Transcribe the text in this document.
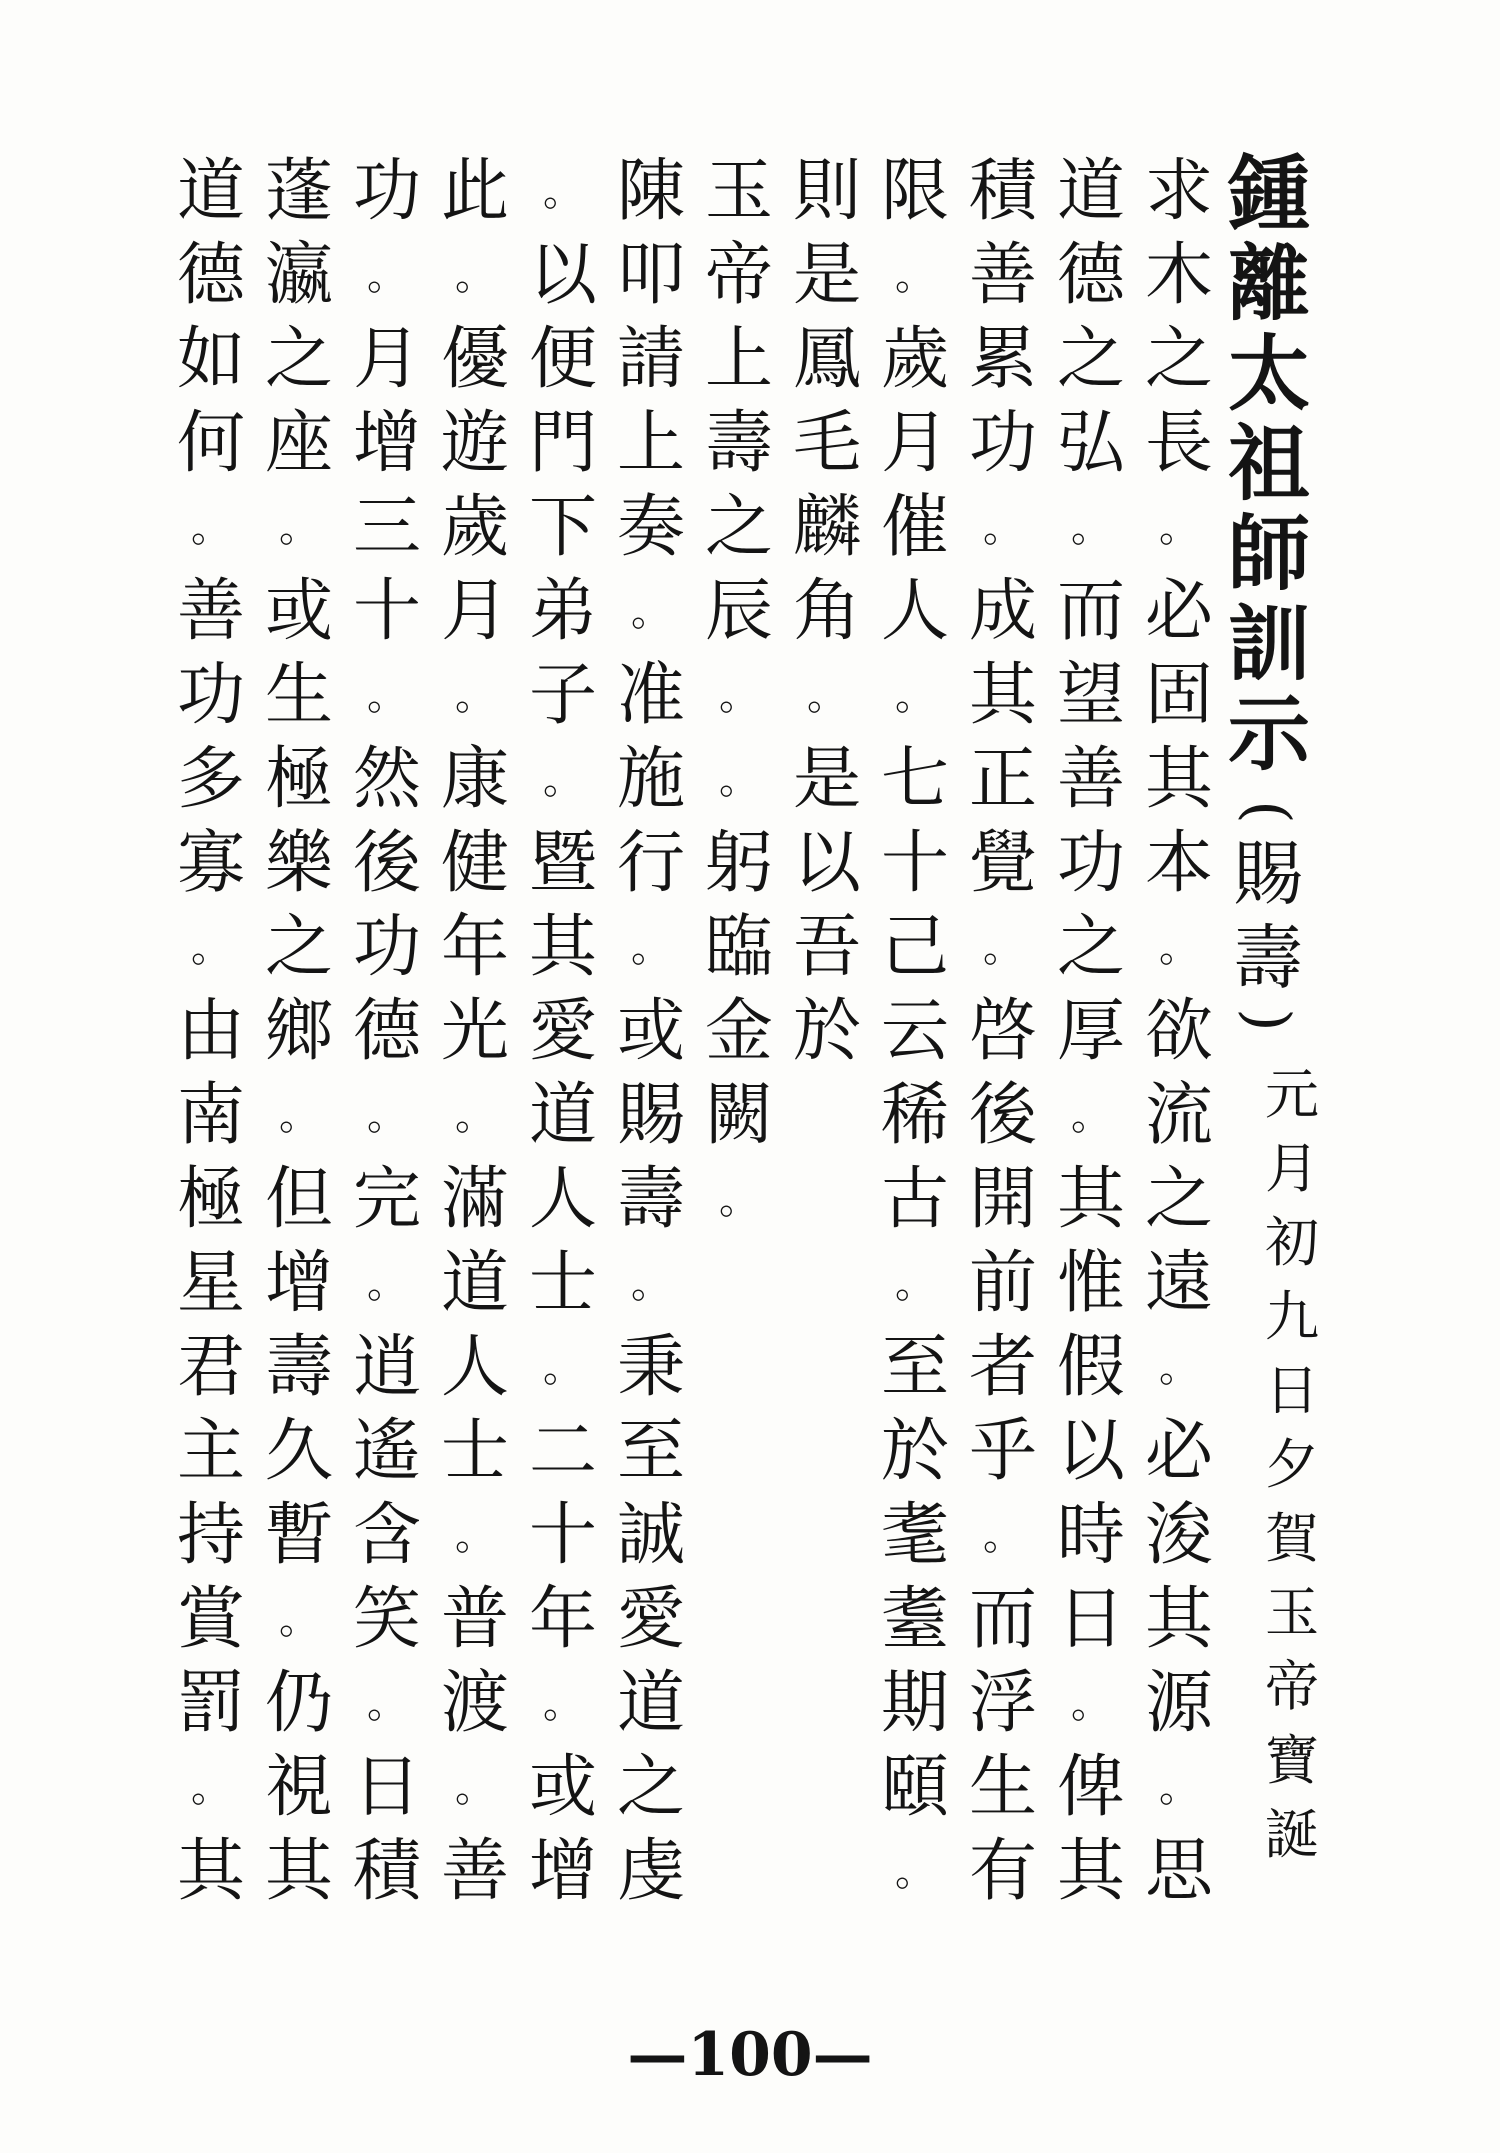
鍾
離
太
祖
師
訓
示
(
賜
壽
)
元
月
初
九
日
夕
賀
玉
帝
寶
誕
求
木
之
長
。
必
固
其
本
。
欲
流
之
遠
。
必
浚
其
源
。
思
道
德
之
弘
。
而
望
善
功
之
厚
。
其
惟
假
以
時
日
。
俾
其
積
善
累
功
。
成
其
正
覺
。
啓
後
開
前
者
乎
。
而
浮
生
有
限
。
歲
月
催
人
。
七
十
己
云
稀
古
。
至
於
耄
耋
期
頤
。
則
是
鳳
毛
麟
角
。
是
以
吾
於
玉
帝
上
壽
之
辰
。
。
躬
臨
金
闕
。
陳
叩
請
上
奏
。
准
施
行
。
或
賜
壽
。
秉
至
誠
愛
道
之
虔
。
以
便
門
下
弟
子
。
暨
其
愛
道
人
士
。
二
十
年
。
或
增
此
。
優
遊
歲
月
。
康
健
年
光
。
滿
道
人
士
。
普
渡
。
善
功
。
月
增
三
十
。
然
後
功
德
。
完
。
逍
遙
含
笑
。
日
積
蓬
瀛
之
座
。
或
生
極
樂
之
鄉
。
但
增
壽
久
暫
。
仍
視
其
道
德
如
何
。
善
功
多
寡
。
由
南
極
星
君
主
持
賞
罰
。
其
—100—
